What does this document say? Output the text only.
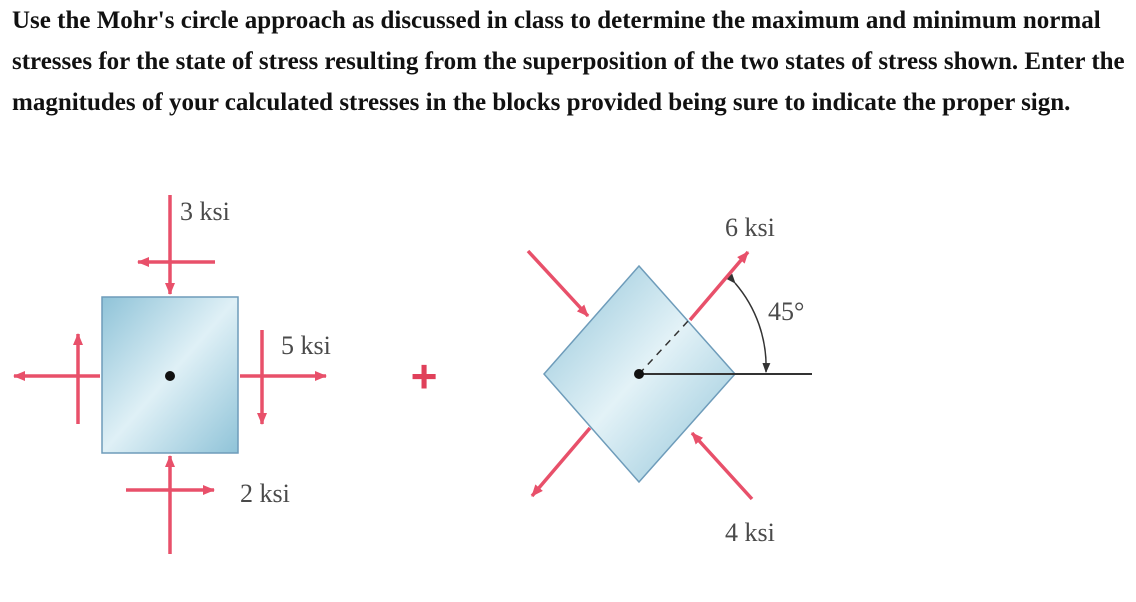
Use the Mohr's circle approach as discussed in class to determine the maximum and minimum normal stresses for the state of stress resulting from the superposition of the two states of stress shown. Enter the magnitudes of your calculated stresses in the blocks provided being sure to indicate the proper sign.

3 ksi
5 ksi
2 ksi
+
6 ksi
45°
4 ksi
